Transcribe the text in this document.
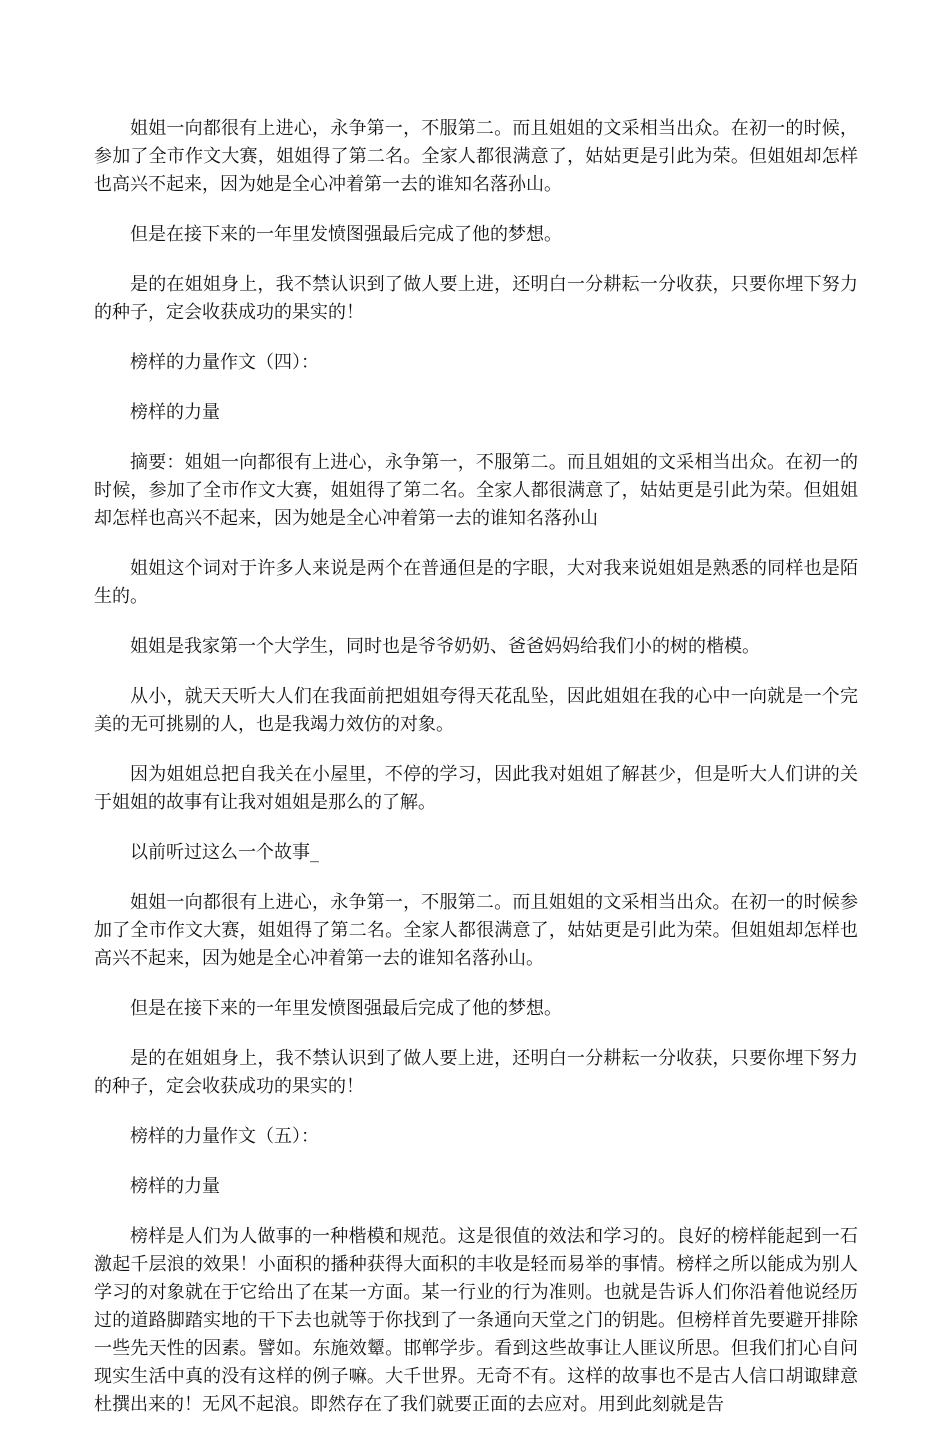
姐姐一向都很有上进心，永争第一，不服第二。而且姐姐的文采相当出众。在初一的时候，参加了全市作文大赛，姐姐得了第二名。全家人都很满意了，姑姑更是引此为荣。但姐姐却怎样也高兴不起来，因为她是全心冲着第一去的谁知名落孙山。

但是在接下来的一年里发愤图强最后完成了他的梦想。

是的在姐姐身上，我不禁认识到了做人要上进，还明白一分耕耘一分收获，只要你埋下努力的种子，定会收获成功的果实的！

榜样的力量作文（四）：

榜样的力量

摘要：姐姐一向都很有上进心，永争第一，不服第二。而且姐姐的文采相当出众。在初一的时候，参加了全市作文大赛，姐姐得了第二名。全家人都很满意了，姑姑更是引此为荣。但姐姐却怎样也高兴不起来，因为她是全心冲着第一去的谁知名落孙山

姐姐这个词对于许多人来说是两个在普通但是的字眼，大对我来说姐姐是熟悉的同样也是陌生的。

姐姐是我家第一个大学生，同时也是爷爷奶奶、爸爸妈妈给我们小的树的楷模。

从小，就天天听大人们在我面前把姐姐夸得天花乱坠，因此姐姐在我的心中一向就是一个完美的无可挑剔的人，也是我竭力效仿的对象。

因为姐姐总把自我关在小屋里，不停的学习，因此我对姐姐了解甚少，但是听大人们讲的关于姐姐的故事有让我对姐姐是那么的了解。

以前听过这么一个故事_

姐姐一向都很有上进心，永争第一，不服第二。而且姐姐的文采相当出众。在初一的时候参加了全市作文大赛，姐姐得了第二名。全家人都很满意了，姑姑更是引此为荣。但姐姐却怎样也高兴不起来，因为她是全心冲着第一去的谁知名落孙山。

但是在接下来的一年里发愤图强最后完成了他的梦想。

是的在姐姐身上，我不禁认识到了做人要上进，还明白一分耕耘一分收获，只要你埋下努力的种子，定会收获成功的果实的！

榜样的力量作文（五）：

榜样的力量

榜样是人们为人做事的一种楷模和规范。这是很值的效法和学习的。良好的榜样能起到一石激起千层浪的效果！小面积的播种获得大面积的丰收是轻而易举的事情。榜样之所以能成为别人学习的对象就在于它给出了在某一方面。某一行业的行为准则。也就是告诉人们你沿着他说经历过的道路脚踏实地的干下去也就等于你找到了一条通向天堂之门的钥匙。但榜样首先要避开排除一些先天性的因素。譬如。东施效颦。邯郸学步。看到这些故事让人匪议所思。但我们扪心自问现实生活中真的没有这样的例子嘛。大千世界。无奇不有。这样的故事也不是古人信口胡诹肆意杜撰出来的！无风不起浪。即然存在了我们就要正面的去应对。用到此刻就是告
